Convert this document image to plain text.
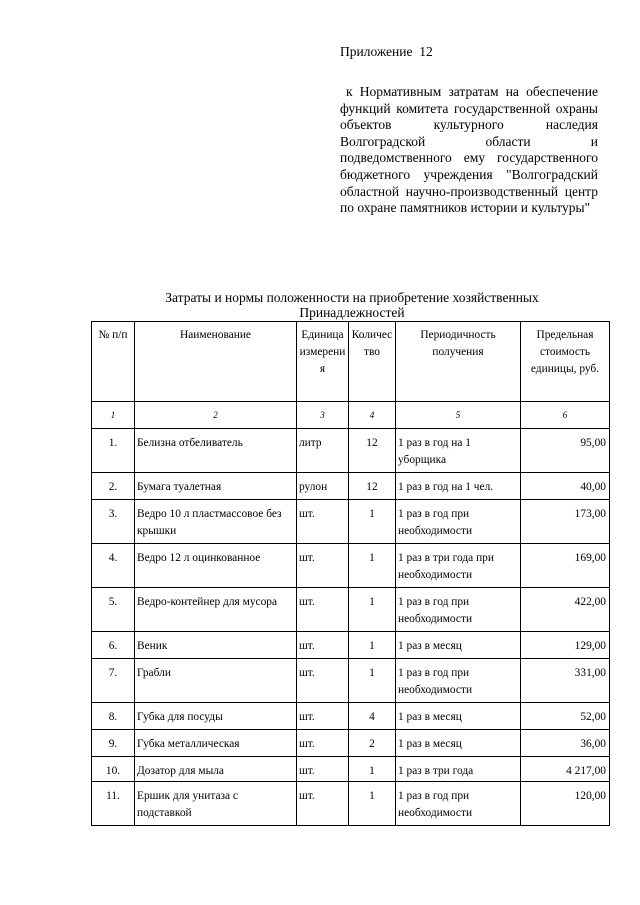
Приложение  12
к Нормативным затратам на обеспечение функций комитета государственной охраны объектов культурного наследия Волгоградской области и подведомственного ему государственного бюджетного учреждения "Волгоградский областной научно-производственный центр по охране памятников истории и культуры"
Затраты и нормы положенности на приобретение хозяйственных
Принадлежностей
№ п/п	Наименование	Единица измерения	Количество	Периодичность получения	Предельная стоимость единицы, руб.
1	2	3	4	5	6
1.	Белизна отбеливатель	литр	12	1 раз в год на 1 уборщика	95,00
2.	Бумага туалетная	рулон	12	1 раз в год на 1 чел.	40,00
3.	Ведро 10 л пластмассовое без крышки	шт.	1	1 раз в год при необходимости	173,00
4.	Ведро 12 л оцинкованное	шт.	1	1 раз в три года при необходимости	169,00
5.	Ведро-контейнер для мусора	шт.	1	1 раз в год при необходимости	422,00
6.	Веник	шт.	1	1 раз в месяц	129,00
7.	Грабли	шт.	1	1 раз в год при необходимости	331,00
8.	Губка для посуды	шт.	4	1 раз в месяц	52,00
9.	Губка металлическая	шт.	2	1 раз в месяц	36,00
10.	Дозатор для мыла	шт.	1	1 раз в три года	4 217,00
11.	Ершик для унитаза с подставкой	шт.	1	1 раз в год при необходимости	120,00
